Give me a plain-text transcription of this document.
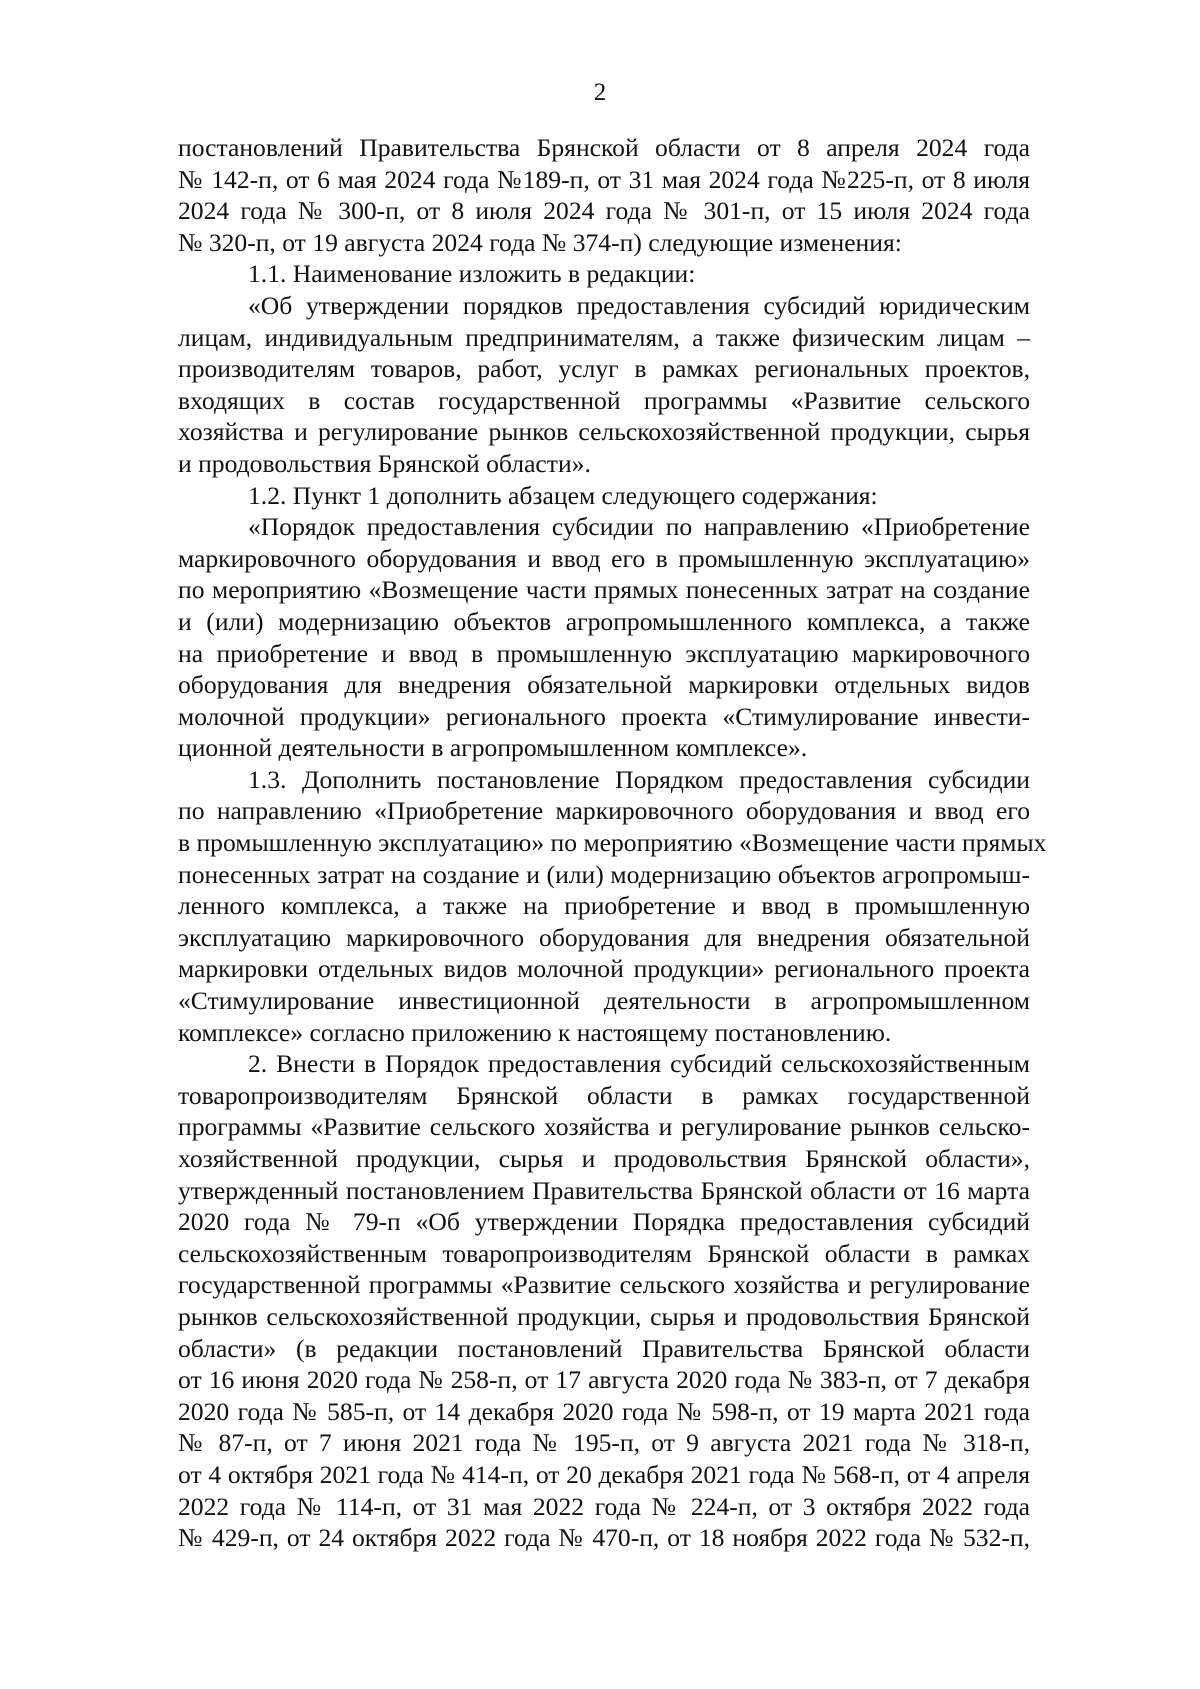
2
постановлений Правительства Брянской области от 8 апреля 2024 года
№ 142-п, от 6 мая 2024 года №189-п, от 31 мая 2024 года №225-п, от 8 июля
2024 года № 300-п, от 8 июля 2024 года № 301-п, от 15 июля 2024 года
№ 320-п, от 19 августа 2024 года № 374-п) следующие изменения:
1.1. Наименование изложить в редакции:
«Об утверждении порядков предоставления субсидий юридическим
лицам, индивидуальным предпринимателям, а также физическим лицам –
производителям товаров, работ, услуг в рамках региональных проектов,
входящих в состав государственной программы «Развитие сельского
хозяйства и регулирование рынков сельскохозяйственной продукции, сырья
и продовольствия Брянской области».
1.2. Пункт 1 дополнить абзацем следующего содержания:
«Порядок предоставления субсидии по направлению «Приобретение
маркировочного оборудования и ввод его в промышленную эксплуатацию»
по мероприятию «Возмещение части прямых понесенных затрат на создание
и (или) модернизацию объектов агропромышленного комплекса, а также
на приобретение и ввод в промышленную эксплуатацию маркировочного
оборудования для внедрения обязательной маркировки отдельных видов
молочной продукции» регионального проекта «Стимулирование инвести-
ционной деятельности в агропромышленном комплексе».
1.3. Дополнить постановление Порядком предоставления субсидии
по направлению «Приобретение маркировочного оборудования и ввод его
в промышленную эксплуатацию» по мероприятию «Возмещение части прямых
понесенных затрат на создание и (или) модернизацию объектов агропромыш-
ленного комплекса, а также на приобретение и ввод в промышленную
эксплуатацию маркировочного оборудования для внедрения обязательной
маркировки отдельных видов молочной продукции» регионального проекта
«Стимулирование инвестиционной деятельности в агропромышленном
комплексе» согласно приложению к настоящему постановлению.
2. Внести в Порядок предоставления субсидий сельскохозяйственным
товаропроизводителям Брянской области в рамках государственной
программы «Развитие сельского хозяйства и регулирование рынков сельско-
хозяйственной продукции, сырья и продовольствия Брянской области»,
утвержденный постановлением Правительства Брянской области от 16 марта
2020 года № 79-п «Об утверждении Порядка предоставления субсидий
сельскохозяйственным товаропроизводителям Брянской области в рамках
государственной программы «Развитие сельского хозяйства и регулирование
рынков сельскохозяйственной продукции, сырья и продовольствия Брянской
области» (в редакции постановлений Правительства Брянской области
от 16 июня 2020 года № 258-п, от 17 августа 2020 года № 383-п, от 7 декабря
2020 года № 585-п, от 14 декабря 2020 года № 598-п, от 19 марта 2021 года
№ 87-п, от 7 июня 2021 года № 195-п, от 9 августа 2021 года № 318-п,
от 4 октября 2021 года № 414-п, от 20 декабря 2021 года № 568-п, от 4 апреля
2022 года № 114-п, от 31 мая 2022 года № 224-п, от 3 октября 2022 года
№ 429-п, от 24 октября 2022 года № 470-п, от 18 ноября 2022 года № 532-п,
